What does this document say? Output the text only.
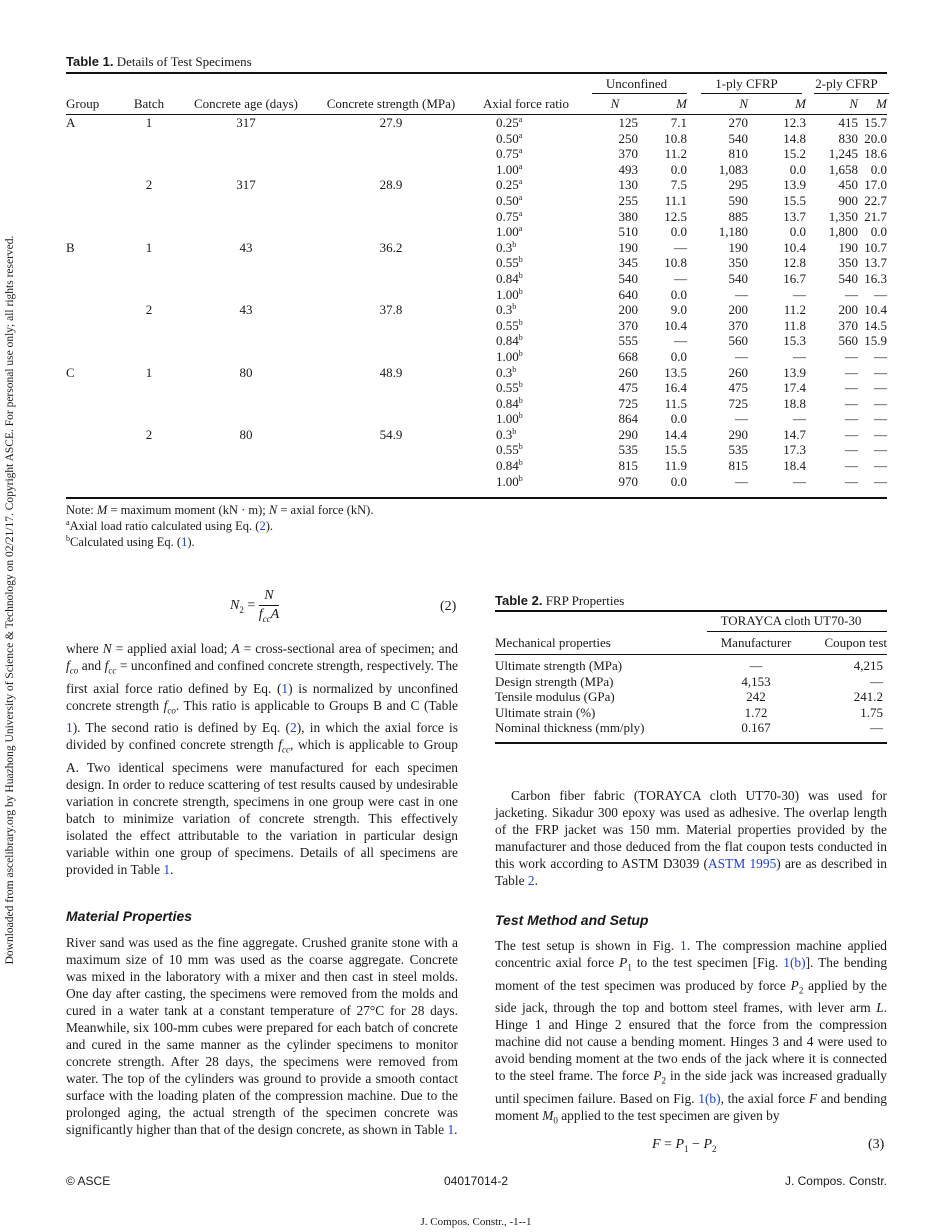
Downloaded from ascelibrary.org by Huazhong University of Science & Technology on 02/21/17. Copyright ASCE. For personal use only; all rights reserved.
Table 1. Details of Test Specimens
					Unconfined		1-ply CFRP		2-ply CFRP	

Group	Batch	Concrete age (days)	Concrete strength (MPa)	Axial force ratio	N	M	N	M	N	M
A	1	317	27.9	0.25$^a$	125	7.1	270	12.3	415	15.7
				0.50$^a$	250	10.8	540	14.8	830	20.0
				0.75$^a$	370	11.2	810	15.2	1,245	18.6
				1.00$^a$	493	0.0	1,083	0.0	1,658	0.0
	2	317	28.9	0.25$^a$	130	7.5	295	13.9	450	17.0
				0.50$^a$	255	11.1	590	15.5	900	22.7
				0.75$^a$	380	12.5	885	13.7	1,350	21.7
				1.00$^a$	510	0.0	1,180	0.0	1,800	0.0
B	1	43	36.2	0.3$^b$	190	—	190	10.4	190	10.7
				0.55$^b$	345	10.8	350	12.8	350	13.7
				0.84$^b$	540	—	540	16.7	540	16.3
				1.00$^b$	640	0.0	—	—	—	—
	2	43	37.8	0.3$^b$	200	9.0	200	11.2	200	10.4
				0.55$^b$	370	10.4	370	11.8	370	14.5
				0.84$^b$	555	—	560	15.3	560	15.9
				1.00$^b$	668	0.0	—	—	—	—
C	1	80	48.9	0.3$^b$	260	13.5	260	13.9	—	—
				0.55$^b$	475	16.4	475	17.4	—	—
				0.84$^b$	725	11.5	725	18.8	—	—
				1.00$^b$	864	0.0	—	—	—	—
	2	80	54.9	0.3$^b$	290	14.4	290	14.7	—	—
				0.55$^b$	535	15.5	535	17.3	—	—
				0.84$^b$	815	11.9	815	18.4	—	—
				1.00$^b$	970	0.0	—	—	—	—
Note: M = maximum moment (kN · m); N = axial force (kN).
$^a$Axial load ratio calculated using Eq. (2).
$^b$Calculated using Eq. (1).
$N_2 = \frac{N}{f_{cc}A}$	(2)

where N = applied axial load; A = cross-sectional area of specimen; and $f_{co}$ and $f_{cc}$ = unconfined and confined concrete strength, respectively. The first axial force ratio defined by Eq. (1) is normalized by unconfined concrete strength $f_{co}$. This ratio is applicable to Groups B and C (Table 1). The second ratio is defined by Eq. (2), in which the axial force is divided by confined concrete strength $f_{cc}$, which is applicable to Group A. Two identical specimens were manufactured for each specimen design. In order to reduce scattering of test results caused by undesirable variation in concrete strength, specimens in one group were cast in one batch to minimize variation of concrete strength. This effectively isolated the effect attributable to the variation in particular design variable within one group of specimens. Details of all specimens are provided in Table 1.

Material Properties

River sand was used as the fine aggregate. Crushed granite stone with a maximum size of 10 mm was used as the coarse aggregate. Concrete was mixed in the laboratory with a mixer and then cast in steel molds. One day after casting, the specimens were removed from the molds and cured in a water tank at a constant temperature of 27°C for 28 days. Meanwhile, six 100-mm cubes were prepared for each batch of concrete and cured in the same manner as the cylinder specimens to monitor concrete strength. After 28 days, the specimens were removed from water. The top of the cylinders was ground to provide a smooth contact surface with the loading platen of the compression machine. Due to the prolonged aging, the actual strength of the specimen concrete was significantly higher than that of the design concrete, as shown in Table 1.

Table 2. FRP Properties
	TORAYCA cloth UT70-30	

Mechanical properties	Manufacturer	Coupon test
Ultimate strength (MPa)	—	4,215
Design strength (MPa)	4,153	—
Tensile modulus (GPa)	242	241.2
Ultimate strain (%)	1.72	1.75
Nominal thickness (mm/ply)	0.167	—

Carbon fiber fabric (TORAYCA cloth UT70-30) was used for jacketing. Sikadur 300 epoxy was used as adhesive. The overlap length of the FRP jacket was 150 mm. Material properties provided by the manufacturer and those deduced from the flat coupon tests conducted in this work according to ASTM D3039 (ASTM 1995) are as described in Table 2.

Test Method and Setup

The test setup is shown in Fig. 1. The compression machine applied concentric axial force $P_1$ to the test specimen [Fig. 1(b)]. The bending moment of the test specimen was produced by force $P_2$ applied by the side jack, through the top and bottom steel frames, with lever arm L. Hinge 1 and Hinge 2 ensured that the force from the compression machine did not cause a bending moment. Hinges 3 and 4 were used to avoid bending moment at the two ends of the jack where it is connected to the steel frame. The force $P_2$ in the side jack was increased gradually until specimen failure. Based on Fig. 1(b), the axial force F and bending moment $M_0$ applied to the test specimen are given by

$F = P_1 - P_2$	(3)
© ASCE	04017014-2	J. Compos. Constr.
J. Compos. Constr., -1--1
